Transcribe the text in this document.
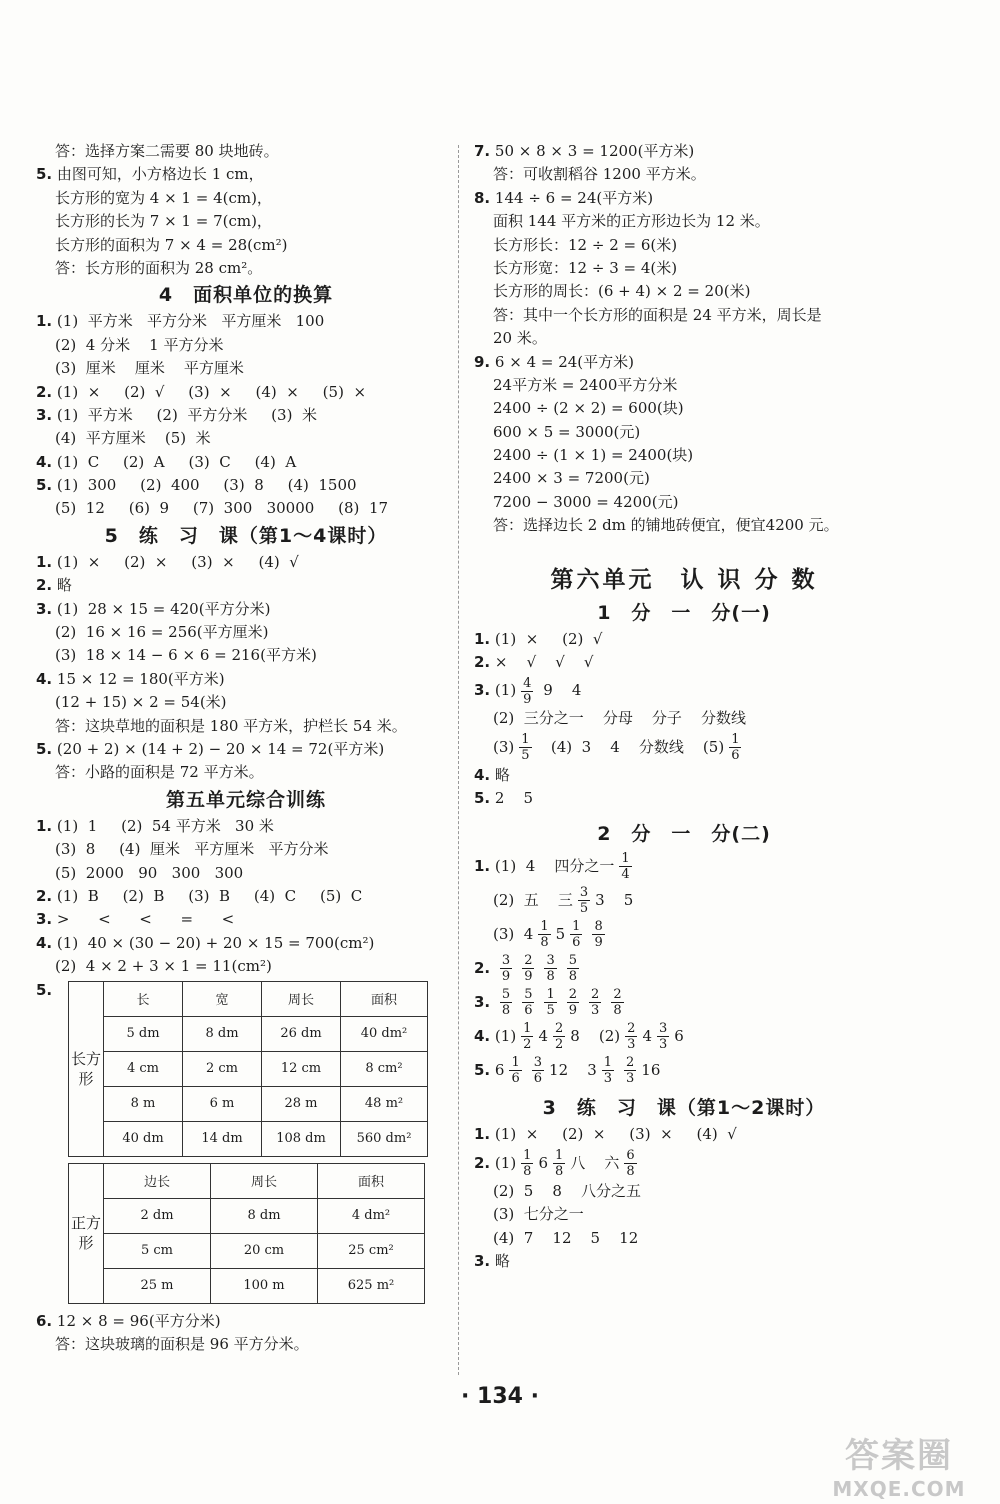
答：选择方案二需要 80 块地砖。
5. 由图可知，小方格边长 1 cm，
长方形的宽为 4 × 1 = 4(cm)，
长方形的长为 7 × 1 = 7(cm)，
长方形的面积为 7 × 4 = 28(cm²)
答：长方形的面积为 28 cm²。
4　面积单位的换算
1. (1)  平方米   平方分米   平方厘米   100
(2)  4 分米    1 平方分米
(3)  厘米    厘米    平方厘米
2. (1)  ×     (2)  √     (3)  ×     (4)  ×     (5)  ×
3. (1)  平方米     (2)  平方分米     (3)  米
(4)  平方厘米    (5)  米
4. (1)  C     (2)  A     (3)  C     (4)  A
5. (1)  300     (2)  400     (3)  8     (4)  1500
(5)  12     (6)  9     (7)  300   30000     (8)  17
5　练　习　课（第1～4课时）
1. (1)  ×     (2)  ×     (3)  ×     (4)  √
2. 略
3. (1)  28 × 15 = 420(平方分米)
(2)  16 × 16 = 256(平方厘米)
(3)  18 × 14 − 6 × 6 = 216(平方米)
4. 15 × 12 = 180(平方米)
(12 + 15) × 2 = 54(米)
答：这块草地的面积是 180 平方米，护栏长 54 米。
5. (20 + 2) × (14 + 2) − 20 × 14 = 72(平方米)
答：小路的面积是 72 平方米。
第五单元综合训练
1. (1)  1     (2)  54 平方米   30 米
(3)  8     (4)  厘米   平方厘米   平方分米
(5)  2000   90   300   300
2. (1)  B     (2)  B     (3)  B     (4)  C     (5)  C
3. >      <      <      =      <
4. (1)  40 × (30 − 20) + 20 × 15 = 700(cm²)
(2)  4 × 2 + 3 × 1 = 11(cm²)
5.
长方形	长	宽	周长	面积
	5 dm	8 dm	26 dm	40 dm²
	4 cm	2 cm	12 cm	8 cm²
	8 m	6 m	28 m	48 m²
	40 dm	14 dm	108 dm	560 dm²
正方形	边长	周长	面积
	2 dm	8 dm	4 dm²
	5 cm	20 cm	25 cm²
	25 m	100 m	625 m²
6. 12 × 8 = 96(平方分米)
答：这块玻璃的面积是 96 平方分米。
7. 50 × 8 × 3 = 1200(平方米)
答：可收割稻谷 1200 平方米。
8. 144 ÷ 6 = 24(平方米)
面积 144 平方米的正方形边长为 12 米。
长方形长：12 ÷ 2 = 6(米)
长方形宽：12 ÷ 3 = 4(米)
长方形的周长：(6 + 4) × 2 = 20(米)
答：其中一个长方形的面积是 24 平方米，周长是
20 米。
9. 6 × 4 = 24(平方米)
24平方米 = 2400平方分米
2400 ÷ (2 × 2) = 600(块)
600 × 5 = 3000(元)
2400 ÷ (1 × 1) = 2400(块)
2400 × 3 = 7200(元)
7200 − 3000 = 4200(元)
答：选择边长 2 dm 的铺地砖便宜，便宜4200 元。
第六单元　认 识 分 数
1　分　一　分(一)
1. (1)  ×     (2)  √
2. ×    √    √    √
3. $(1) \frac{4}{9} 9$    4
(2)  三分之一    分母    分子    分数线
$(3) \frac{1}{5} (4)$  3    4    分数线    $(5) \frac{1}{6}$
4. 略
5. 2    5
2　分　一　分(二)
1. (1)  4    四分之一 $\frac{1}{4}$
(2)  五    三 $\frac{3}{5} 3$    5
(3)  $4 \frac{1}{8} 5 \frac{1}{6} \frac{8}{9}$
2. $\frac{3}{9} \frac{2}{9} \frac{3}{8} \frac{5}{8}$
3. $\frac{5}{8} \frac{5}{6} \frac{1}{5} \frac{2}{9} \frac{2}{3} \frac{2}{8}$
4. $(1) \frac{1}{2} 4 \frac{2}{2} 8$    $(2) \frac{2}{3} 4 \frac{3}{3} 6$
5. $6 \frac{1}{6} \frac{3}{6} 12$    $3 \frac{1}{3} \frac{2}{3} 16$
3　练　习　课（第1～2课时）
1. (1)  ×     (2)  ×     (3)  ×     (4)  √
2. $(1) \frac{1}{8} 6 \frac{1}{8}$ 八    六 $\frac{6}{8}$
(2)  5    8    八分之五
(3)  七分之一
(4)  7    12    5    12
3. 略
· 134 ·
答案圈
MXQE.COM
